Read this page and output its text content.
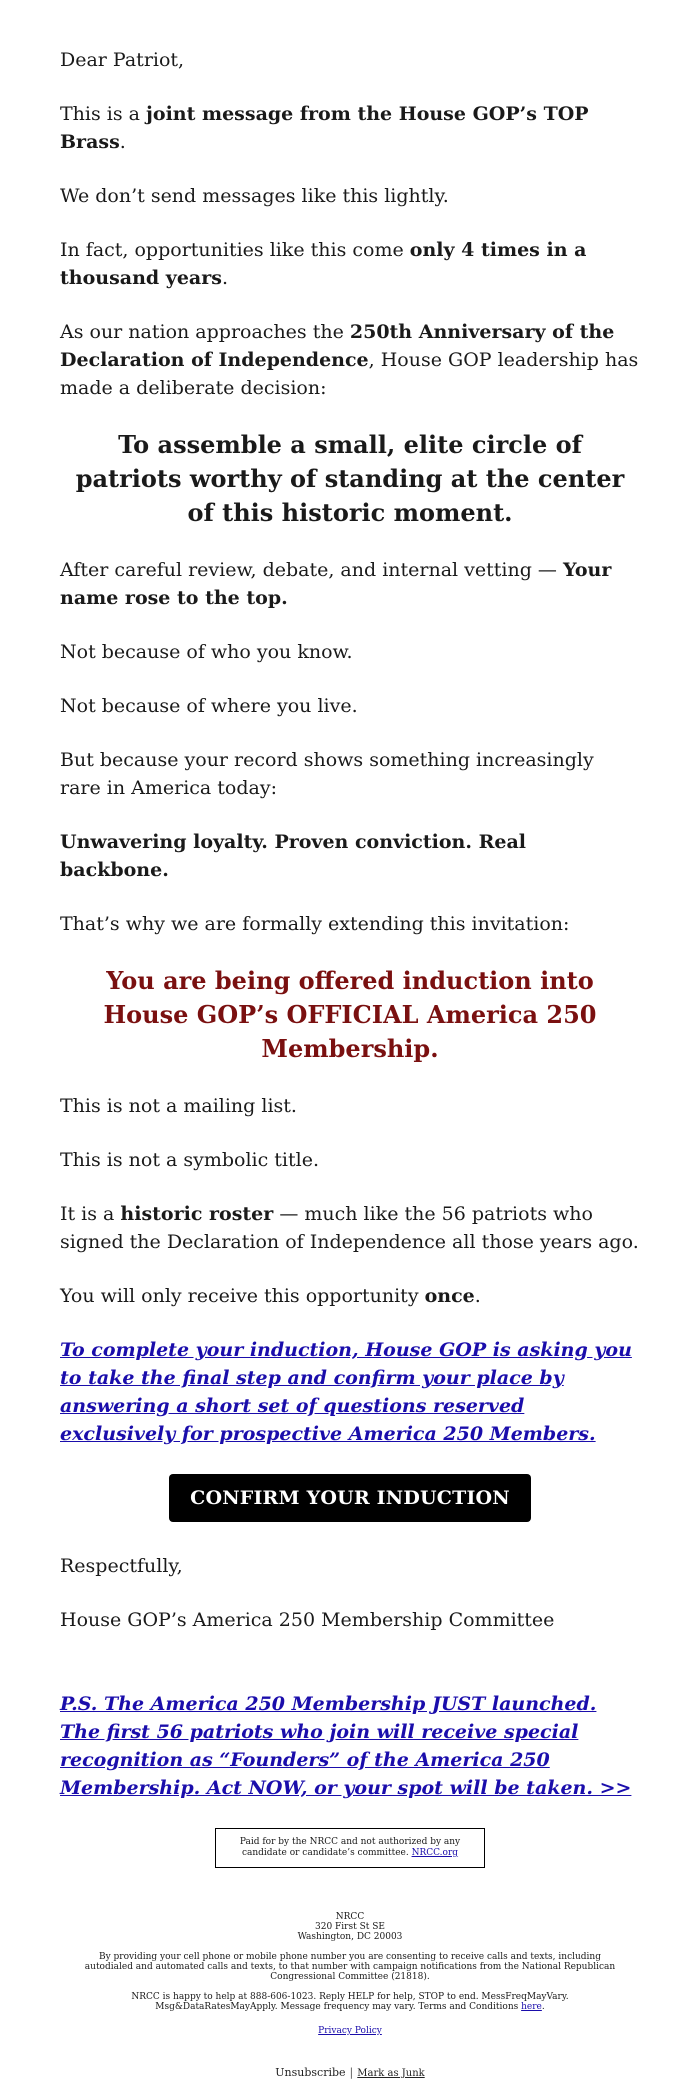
Dear Patriot,

This is a joint message from the House GOP’s TOP Brass.

We don’t send messages like this lightly.

In fact, opportunities like this come only 4 times in a thousand years.

As our nation approaches the 250th Anniversary of the Declaration of Independence, House GOP leadership has made a deliberate decision:

To assemble a small, elite circle of patriots worthy of standing at the center of this historic moment.

After careful review, debate, and internal vetting — Your name rose to the top.

Not because of who you know.

Not because of where you live.

But because your record shows something increasingly rare in America today:

Unwavering loyalty. Proven conviction. Real backbone.

That’s why we are formally extending this invitation:

You are being offered induction into House GOP’s OFFICIAL America 250 Membership.

This is not a mailing list.

This is not a symbolic title.

It is a historic roster — much like the 56 patriots who signed the Declaration of Independence all those years ago.

You will only receive this opportunity once.

To complete your induction, House GOP is asking you to take the final step and confirm your place by answering a short set of questions reserved exclusively for prospective America 250 Members.
CONFIRM YOUR INDUCTION

Respectfully,

House GOP’s America 250 Membership Committee

P.S. The America 250 Membership JUST launched. The first 56 patriots who join will receive special recognition as “Founders” of the America 250 Membership. Act NOW, or your spot will be taken. >>
Paid for by the NRCC and not authorized by any candidate or candidate’s committee. NRCC.org
NRCC
320 First St SE
Washington, DC 20003
By providing your cell phone or mobile phone number you are consenting to receive calls and texts, including autodialed and automated calls and texts, to that number with campaign notifications from the National Republican Congressional Committee (21818).
NRCC is happy to help at 888-606-1023. Reply HELP for help, STOP to end. MessFreqMayVary. Msg&DataRatesMayApply. Message frequency may vary. Terms and Conditions here.
Privacy Policy
Unsubscribe | Mark as Junk
